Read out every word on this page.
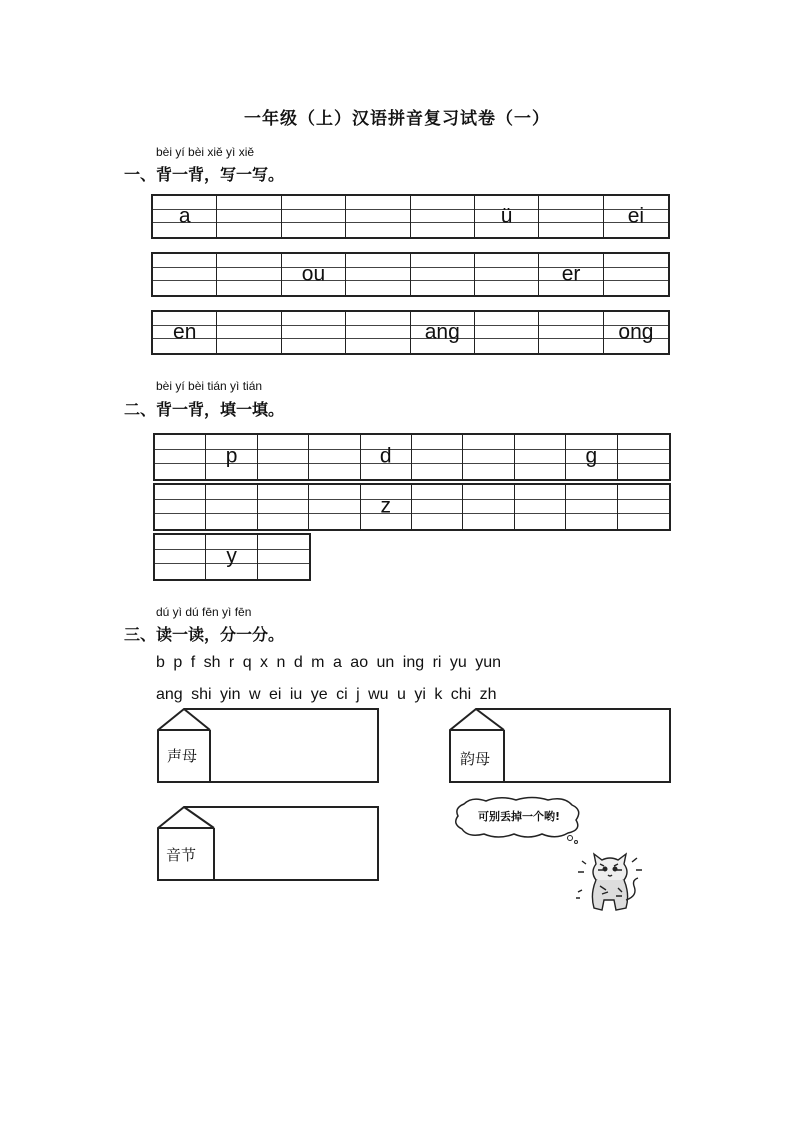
一年级（上）汉语拼音复习试卷（一）
bèi yí bèi xiě yì xiě
一、背一背，写一写。
a	ü	ei
ou	er
en	ang	ong
bèi yí bèi tián yì tián
二、背一背，填一填。
p	d	g
z
y
dú yì dú fēn yì fēn
三、读一读，分一分。
b p f sh r q x n d m a ao un ing ri yu yun
ang shi yin w ei iu ye ci j wu u yi k chi zh
声母	韵母
音节
可别丢掉一个哟!
